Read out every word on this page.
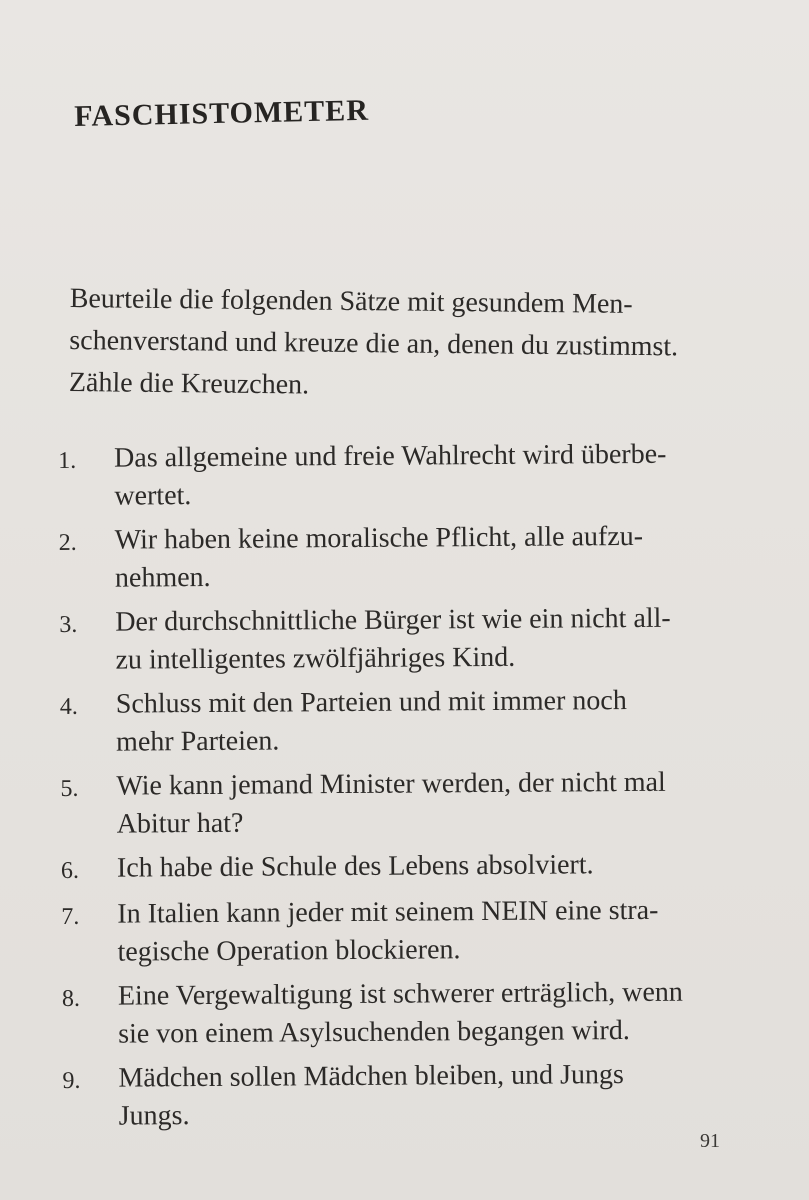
FASCHISTOMETER

Beurteile die folgenden Sätze mit gesundem Men-

schenverstand und kreuze die an, denen du zustimmst.

Zähle die Kreuzchen.

1.	Das allgemeine und freie Wahlrecht wird überbe-
wertet.
2.	Wir haben keine moralische Pflicht, alle aufzu-
nehmen.
3.	Der durchschnittliche Bürger ist wie ein nicht all-
zu intelligentes zwölfjähriges Kind.
4.	Schluss mit den Parteien und mit immer noch
mehr Parteien.
5.	Wie kann jemand Minister werden, der nicht mal
Abitur hat?
6.	Ich habe die Schule des Lebens absolviert.
7.	In Italien kann jeder mit seinem NEIN eine stra-
tegische Operation blockieren.
8.	Eine Vergewaltigung ist schwerer erträglich, wenn
sie von einem Asylsuchenden begangen wird.
9.	Mädchen sollen Mädchen bleiben, und Jungs
Jungs.
91
